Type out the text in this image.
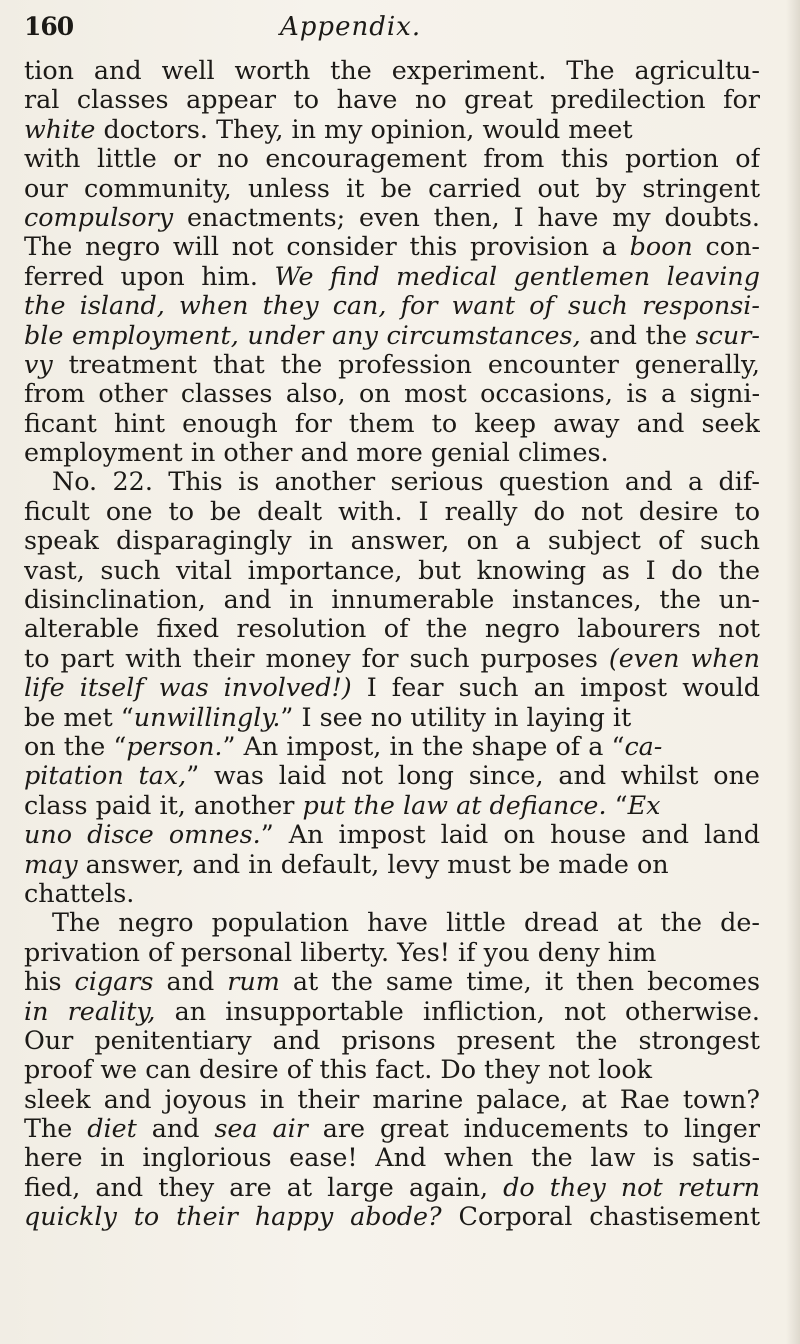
160	Appendix.
tion and well worth the experiment. The agricultu-
ral classes appear to have no great predilection for
white doctors. They, in my opinion, would meet
with little or no encouragement from this portion of
our community, unless it be carried out by stringent
compulsory enactments; even then, I have my doubts.
The negro will not consider this provision a boon con-
ferred upon him. We find medical gentlemen leaving
the island, when they can, for want of such responsi-
ble employment, under any circumstances, and the scur-
vy treatment that the profession encounter generally,
from other classes also, on most occasions, is a signi-
ficant hint enough for them to keep away and seek
employment in other and more genial climes.
No. 22. This is another serious question and a dif-
ficult one to be dealt with. I really do not desire to
speak disparagingly in answer, on a subject of such
vast, such vital importance, but knowing as I do the
disinclination, and in innumerable instances, the un-
alterable fixed resolution of the negro labourers not
to part with their money for such purposes (even when
life itself was involved!) I fear such an impost would
be met “unwillingly.” I see no utility in laying it
on the “person.” An impost, in the shape of a “ca-
pitation tax,” was laid not long since, and whilst one
class paid it, another put the law at defiance. “Ex
uno disce omnes.” An impost laid on house and land
may answer, and in default, levy must be made on
chattels.
The negro population have little dread at the de-
privation of personal liberty. Yes! if you deny him
his cigars and rum at the same time, it then becomes
in reality, an insupportable infliction, not otherwise.
Our penitentiary and prisons present the strongest
proof we can desire of this fact. Do they not look
sleek and joyous in their marine palace, at Rae town?
The diet and sea air are great inducements to linger
here in inglorious ease! And when the law is satis-
fied, and they are at large again, do they not return
quickly to their happy abode? Corporal chastisement
